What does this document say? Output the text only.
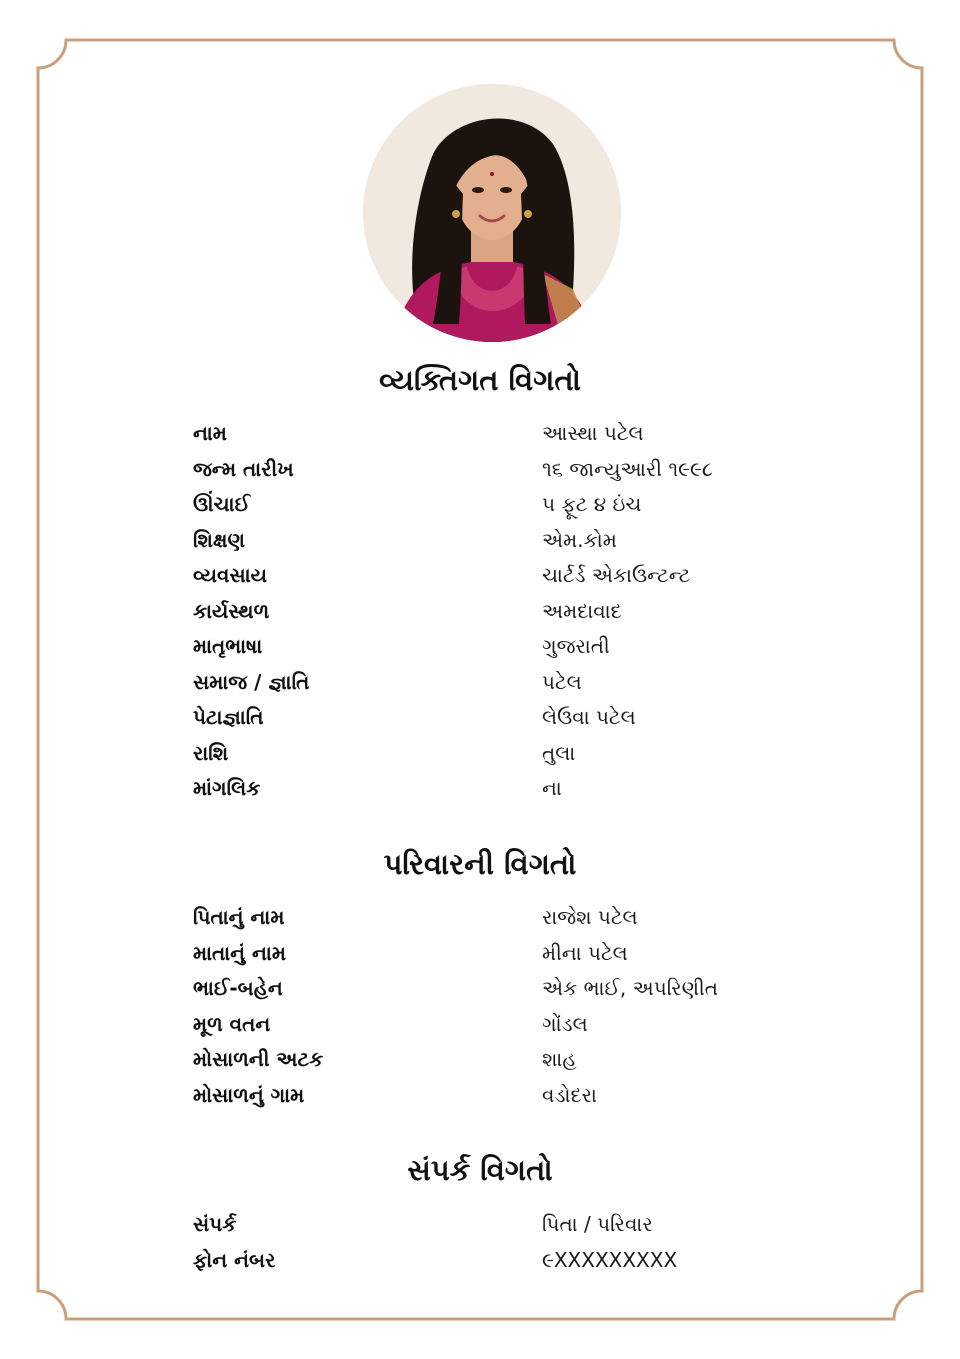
વ્યક્તિગત વિગતો
નામ	આસ્થા પટેલ
જન્મ તારીખ	૧૬ જાન્યુઆરી ૧૯૯૮
ઊંચાઈ	૫ ફૂટ ૪ ઇંચ
શિક્ષણ	એમ.કોમ
વ્યવસાય	ચાર્ટર્ડ એકાઉન્ટન્ટ
કાર્યસ્થળ	અમદાવાદ
માતૃભાષા	ગુજરાતી
સમાજ / જ્ઞાતિ	પટેલ
પેટાજ્ઞાતિ	લેઉવા પટેલ
રાશિ	તુલા
માંગલિક	ના
પરિવારની વિગતો
પિતાનું નામ	રાજેશ પટેલ
માતાનું નામ	મીના પટેલ
ભાઈ-બહેન	એક ભાઈ, અપરિણીત
મૂળ વતન	ગોંડલ
મોસાળની અટક	શાહ
મોસાળનું ગામ	વડોદરા
સંપર્ક વિગતો
સંપર્ક	પિતા / પરિવાર
ફોન નંબર	૯XXXXXXXXX
